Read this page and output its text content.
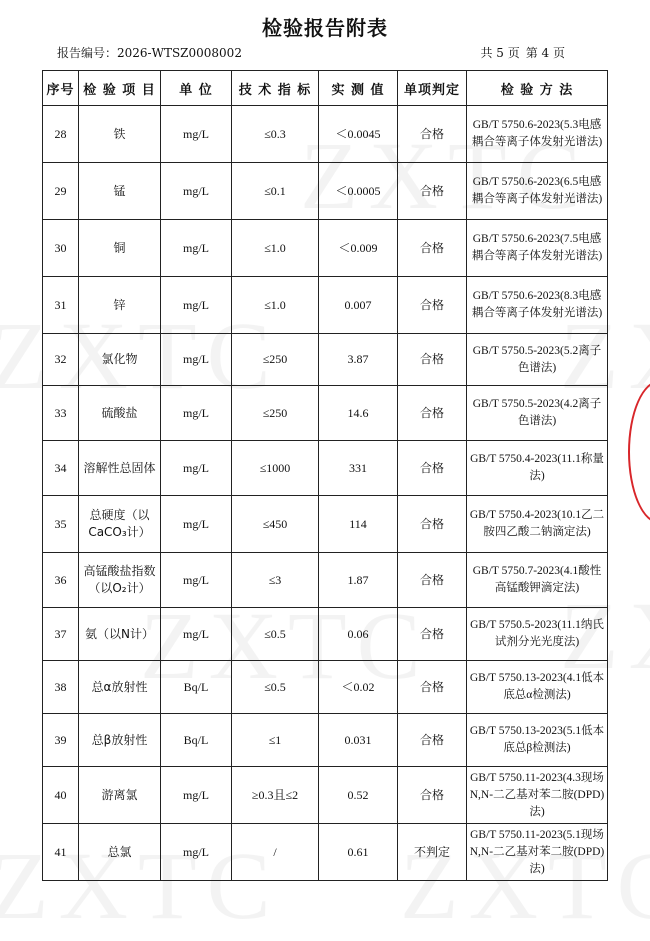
检验报告附表
报告编号：2026-WTSZ0008002	共 5 页 第 4 页
序号	检 验 项 目	单 位	技 术 指 标	实 测 值	单项判定	检 验 方 法
28	铁	mg/L	≤0.3	＜0.0045	合格	GB/T 5750.6-2023(5.3电感耦合等离子体发射光谱法)
29	锰	mg/L	≤0.1	＜0.0005	合格	GB/T 5750.6-2023(6.5电感耦合等离子体发射光谱法)
30	铜	mg/L	≤1.0	＜0.009	合格	GB/T 5750.6-2023(7.5电感耦合等离子体发射光谱法)
31	锌	mg/L	≤1.0	0.007	合格	GB/T 5750.6-2023(8.3电感耦合等离子体发射光谱法)
32	氯化物	mg/L	≤250	3.87	合格	GB/T 5750.5-2023(5.2离子色谱法)
33	硫酸盐	mg/L	≤250	14.6	合格	GB/T 5750.5-2023(4.2离子色谱法)
34	溶解性总固体	mg/L	≤1000	331	合格	GB/T 5750.4-2023(11.1称量法)
35	总硬度（以CaCO₃计）	mg/L	≤450	114	合格	GB/T 5750.4-2023(10.1乙二胺四乙酸二钠滴定法)
36	高锰酸盐指数（以O₂计）	mg/L	≤3	1.87	合格	GB/T 5750.7-2023(4.1酸性高锰酸钾滴定法)
37	氨（以N计）	mg/L	≤0.5	0.06	合格	GB/T 5750.5-2023(11.1纳氏试剂分光光度法)
38	总α放射性	Bq/L	≤0.5	＜0.02	合格	GB/T 5750.13-2023(4.1低本底总α检测法)
39	总β放射性	Bq/L	≤1	0.031	合格	GB/T 5750.13-2023(5.1低本底总β检测法)
40	游离氯	mg/L	≥0.3且≤2	0.52	合格	GB/T 5750.11-2023(4.3现场N,N-二乙基对苯二胺(DPD)法)
41	总氯	mg/L	/	0.61	不判定	GB/T 5750.11-2023(5.1现场N,N-二乙基对苯二胺(DPD)法)
